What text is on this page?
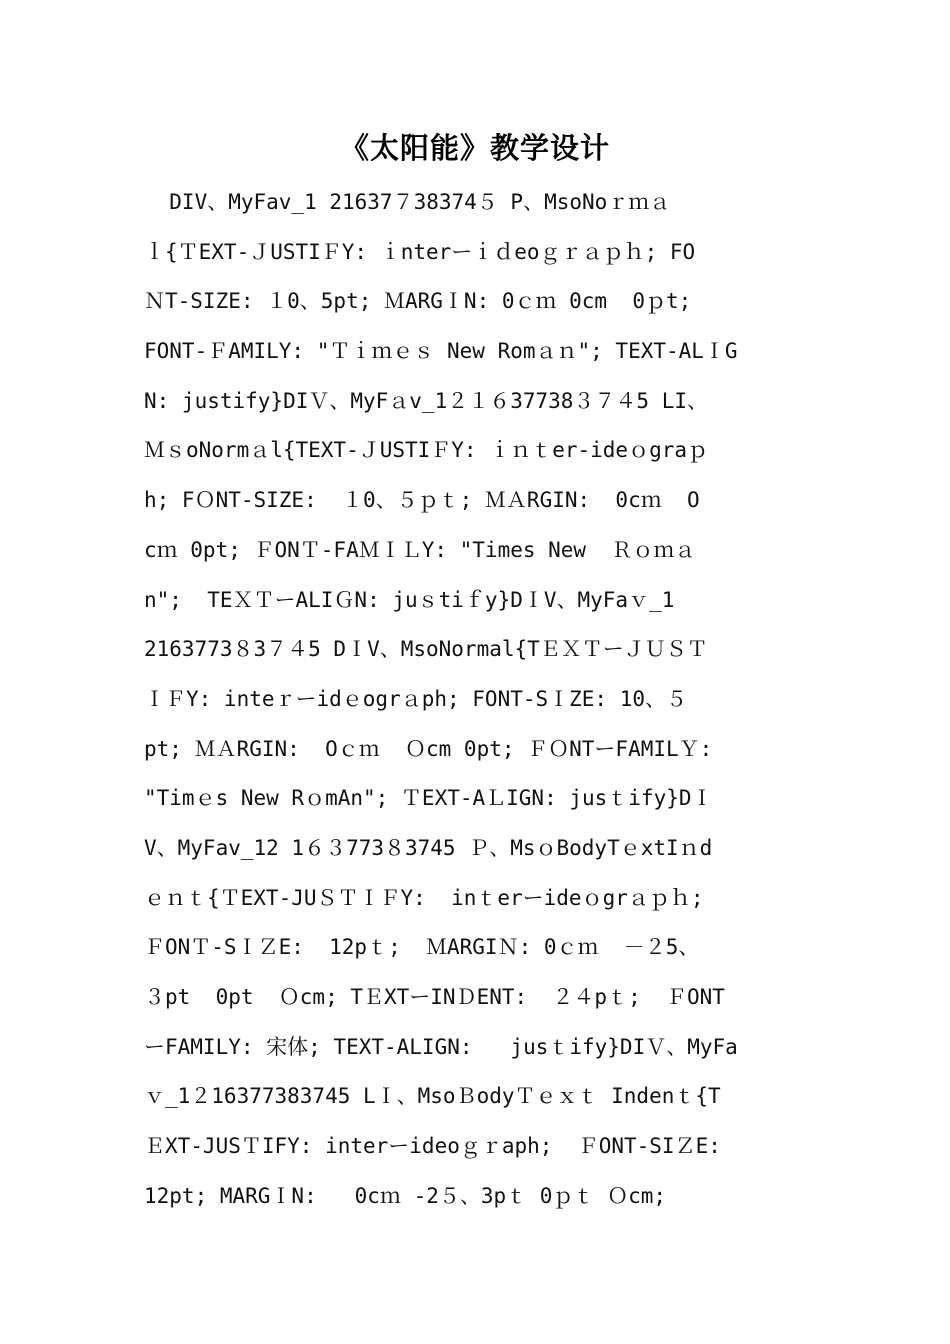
《太阳能》教学设计
DIV、MyFav_1 21637７38374５ P、MsoNoｒｍａ
ｌ{ＴEXT-ＪUSTIＦY: ｉnterーｉｄeoｇｒａｐｈ; FO
ＮT-SIZE: １0、5pt; ＭARGＩN: 0ｃｍ 0cm  0ｐt;
FONT-ＦAMILY: "Ｔｉｍｅｓ New Romａｎ"; TEXT-ALＩG
N: justify}DIＶ、MyFａv_1２１６37738３７４5 LI、
ＭｓoNormａl{TEXT-ＪUSTIＦY: ｉｎｔer-ideｏgraｐ
h; FＯNT-SIZE:  １0、５ｐｔ; ＭＡRGIN:  0cｍ  O
cｍ 0pt; ＦONＴ-FAＭＩＬY: "Times New  Ｒｏｍａ
n";  TEＸＴーALIＧN: juｓtiｆy}DＩV、MyFaｖ_1
2163773８3７４5 DＩV、MsoNormal{TＥＸＴーＪＵＳＴ
ＩＦY: inteｒーidｅogrａph; FONT-SＩZE: 10、５
pt; ＭＡRGIN:  Oｃｍ  Ｏcm 0pt; ＦＯNTーFAMILＹ:
"Timｅs New RｏmAn"; ＴEXT-AＬIGN: jusｔify}DＩ
V、MyFav_12 1６３773８3745 Ｐ、MsｏBodyTｅxtIｎd
ｅｎｔ{ＴEXT-JUＳＴＩＦY:  inｔerーideｏgrａｐｈ;
ＦONＴ-SＩＺE:  12pｔ;  ＭARGIＮ: 0ｃｍ  －２5、
３pt  0pt  Ｏcm; TＥXTーINＤENT:  ２４pｔ;  ＦONT
ーFAMILY: 宋体; TEXT-ALIGN:   jusｔify}DIＶ、MyFa
ｖ_1２16377383745 LＩ、MsoＢodyＴｅｘｔ Indenｔ{T
ＥXT-JUSＴIFY: interーideoｇｒaph;  ＦONT-SIＺE:
12pt; MARGＩN:   0cｍ -2５、3pｔ 0ｐｔ Ｏcm;
